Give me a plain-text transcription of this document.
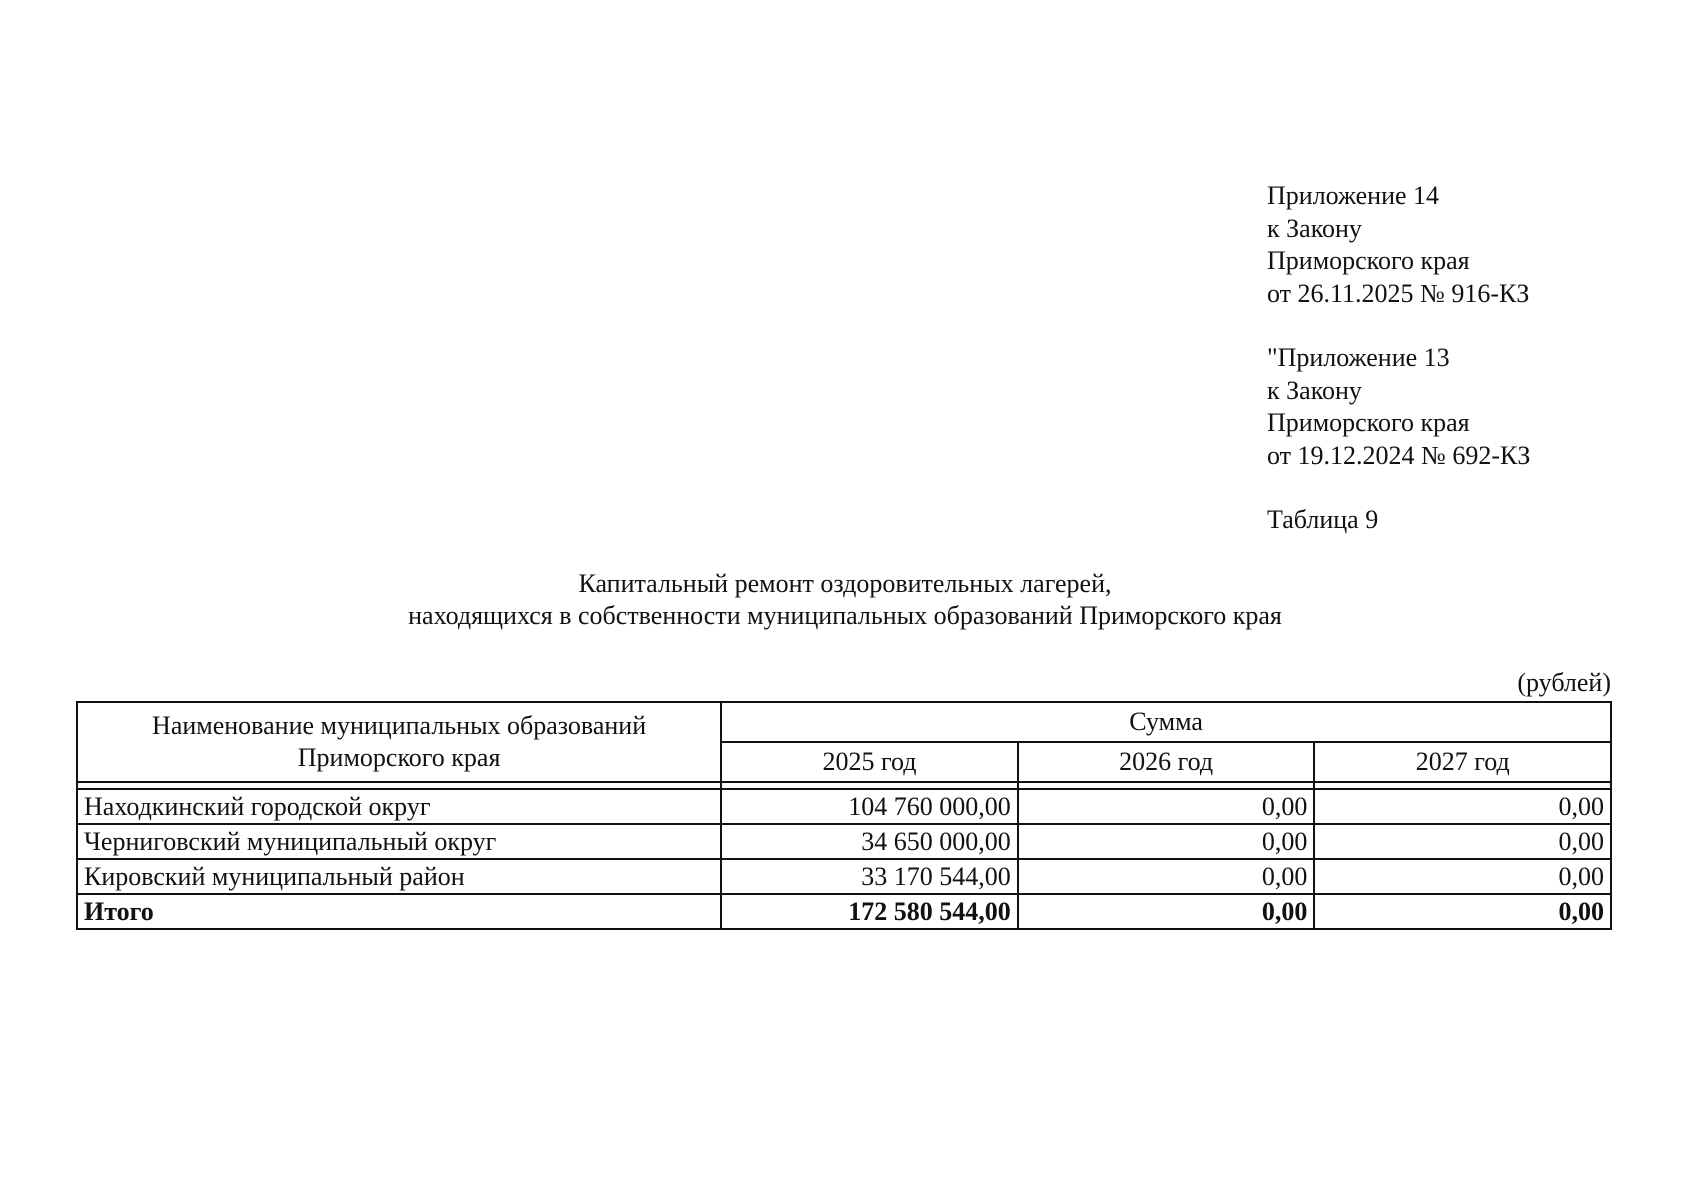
Приложение 14
к Закону
Приморского края
от 26.11.2025 № 916-КЗ
"Приложение 13
к Закону
Приморского края
от 19.12.2024 № 692-КЗ
Таблица 9
Капитальный ремонт оздоровительных лагерей,
находящихся в собственности муниципальных образований Приморского края
(рублей)
Наименование муниципальных образований
Приморского края	Сумма		
	2025 год	2026 год	2027 год

Находкинский городской округ	104 760 000,00	0,00	0,00
Черниговский муниципальный округ	34 650 000,00	0,00	0,00
Кировский муниципальный район	33 170 544,00	0,00	0,00
Итого	172 580 544,00	0,00	0,00
